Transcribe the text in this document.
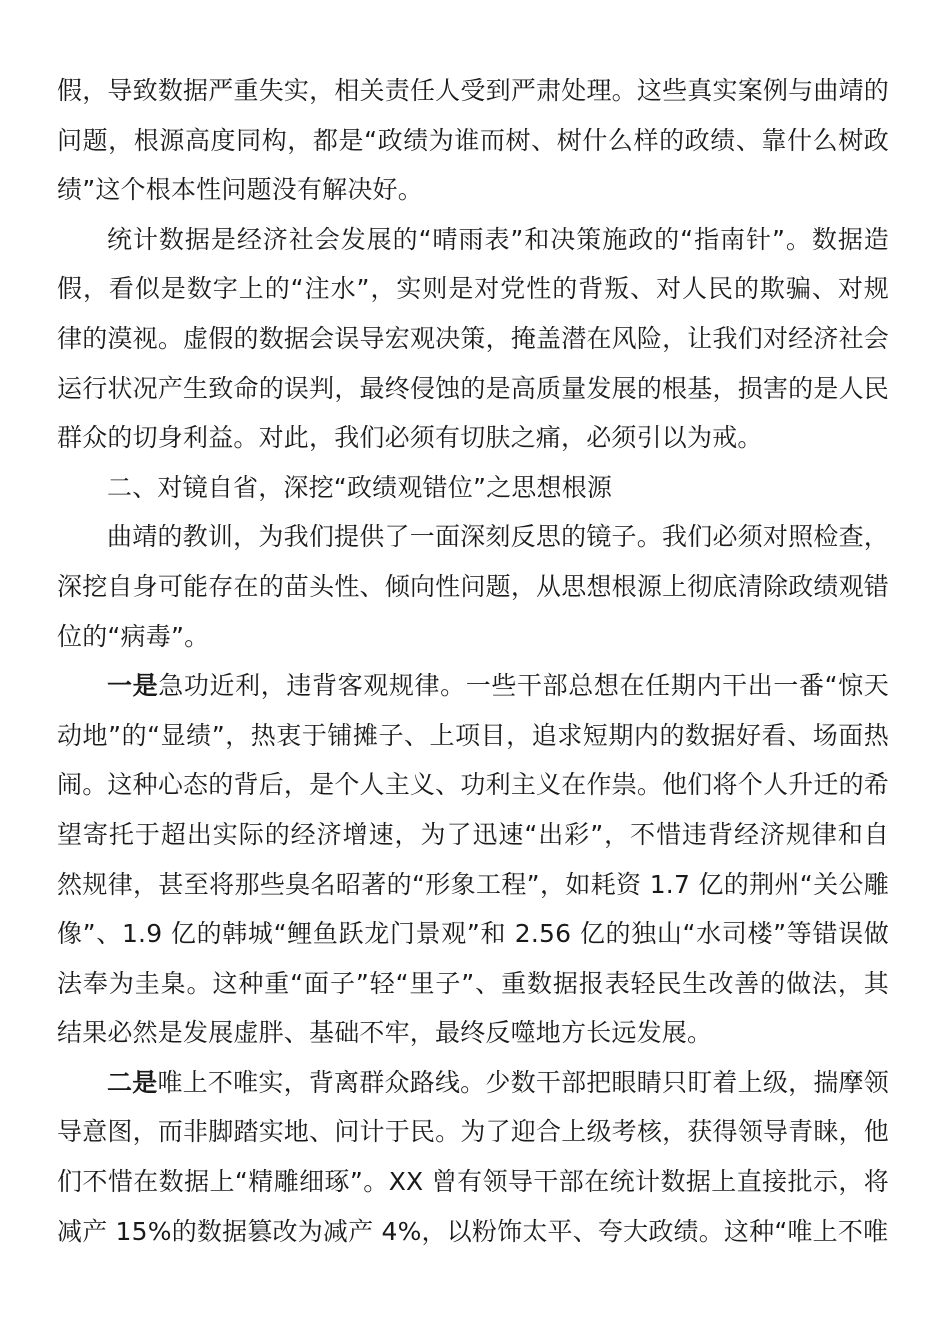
假，导致数据严重失实，相关责任人受到严肃处理。这些真实案例与曲靖的问题，根源高度同构，都是“政绩为谁而树、树什么样的政绩、靠什么树政绩”这个根本性问题没有解决好。

统计数据是经济社会发展的“晴雨表”和决策施政的“指南针”。数据造假，看似是数字上的“注水”，实则是对党性的背叛、对人民的欺骗、对规律的漠视。虚假的数据会误导宏观决策，掩盖潜在风险，让我们对经济社会运行状况产生致命的误判，最终侵蚀的是高质量发展的根基，损害的是人民群众的切身利益。对此，我们必须有切肤之痛，必须引以为戒。

二、对镜自省，深挖“政绩观错位”之思想根源

曲靖的教训，为我们提供了一面深刻反思的镜子。我们必须对照检查，深挖自身可能存在的苗头性、倾向性问题，从思想根源上彻底清除政绩观错位的“病毒”。

一是急功近利，违背客观规律。一些干部总想在任期内干出一番“惊天动地”的“显绩”，热衷于铺摊子、上项目，追求短期内的数据好看、场面热闹。这种心态的背后，是个人主义、功利主义在作祟。他们将个人升迁的希望寄托于超出实际的经济增速，为了迅速“出彩”，不惜违背经济规律和自然规律，甚至将那些臭名昭著的“形象工程”，如耗资 1.7 亿的荆州“关公雕像”、1.9 亿的韩城“鲤鱼跃龙门景观”和 2.56 亿的独山“水司楼”等错误做法奉为圭臬。这种重“面子”轻“里子”、重数据报表轻民生改善的做法，其结果必然是发展虚胖、基础不牢，最终反噬地方长远发展。

二是唯上不唯实，背离群众路线。少数干部把眼睛只盯着上级，揣摩领导意图，而非脚踏实地、问计于民。为了迎合上级考核，获得领导青睐，他们不惜在数据上“精雕细琢”。XX 曾有领导干部在统计数据上直接批示，将减产 15%的数据篡改为减产 4%，以粉饰太平、夸大政绩。这种“唯上不唯
